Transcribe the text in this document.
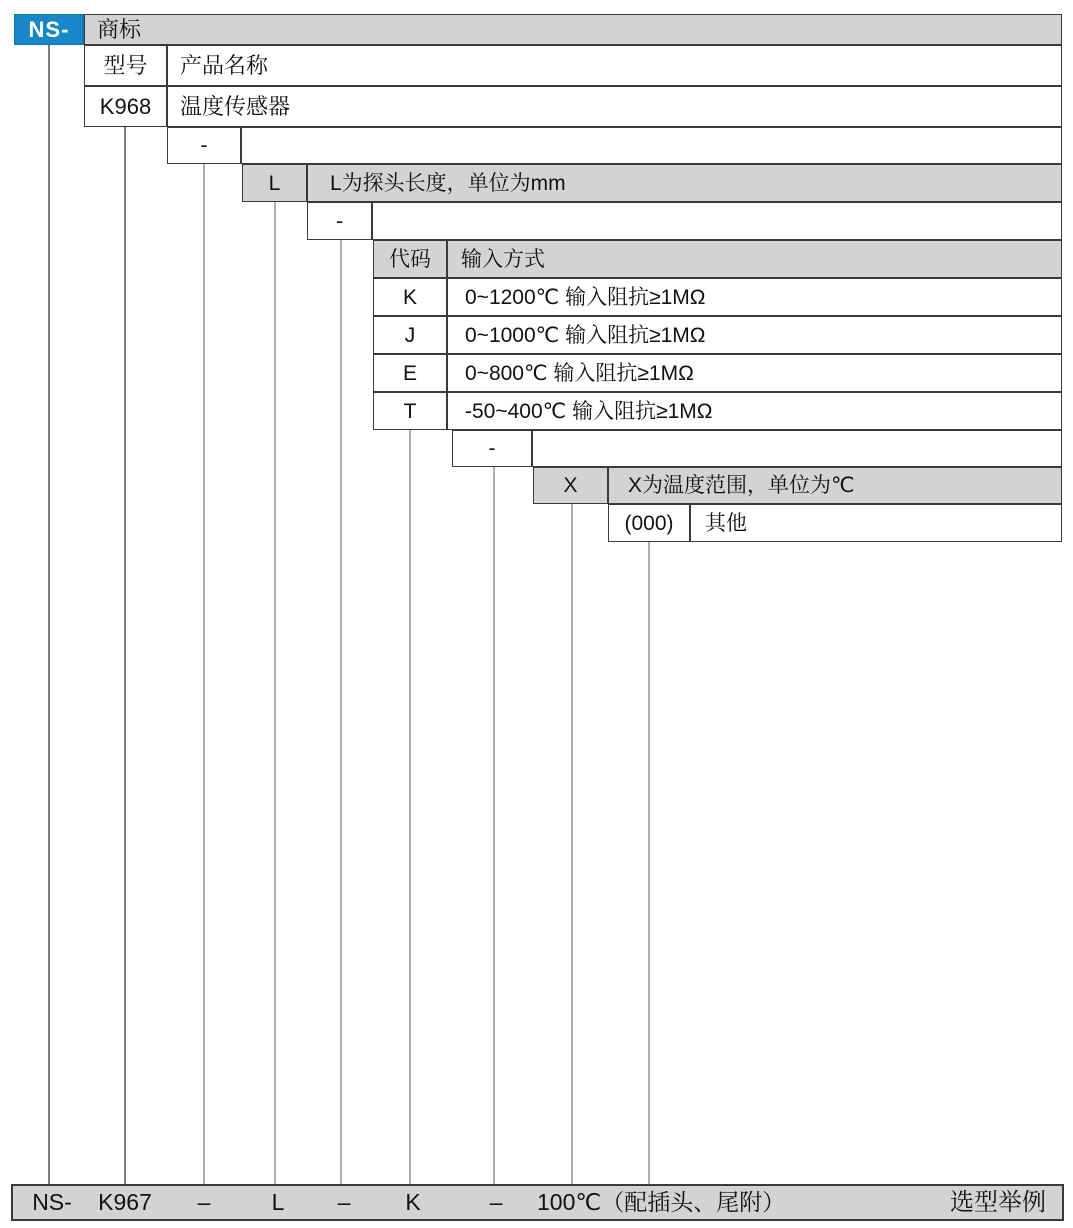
NS-	商标
型号	产品名称
K968	温度传感器
-
L	L为探头长度，单位为mm
-
代码	输入方式
K	0~1200℃ 输入阻抗≥1MΩ
J	0~1000℃ 输入阻抗≥1MΩ
E	0~800℃ 输入阻抗≥1MΩ
T	-50~400℃ 输入阻抗≥1MΩ
-
X	X为温度范围，单位为℃
(000)	其他
NS- K967 –	L – K	– 100℃（配插头、尾附）	选型举例
